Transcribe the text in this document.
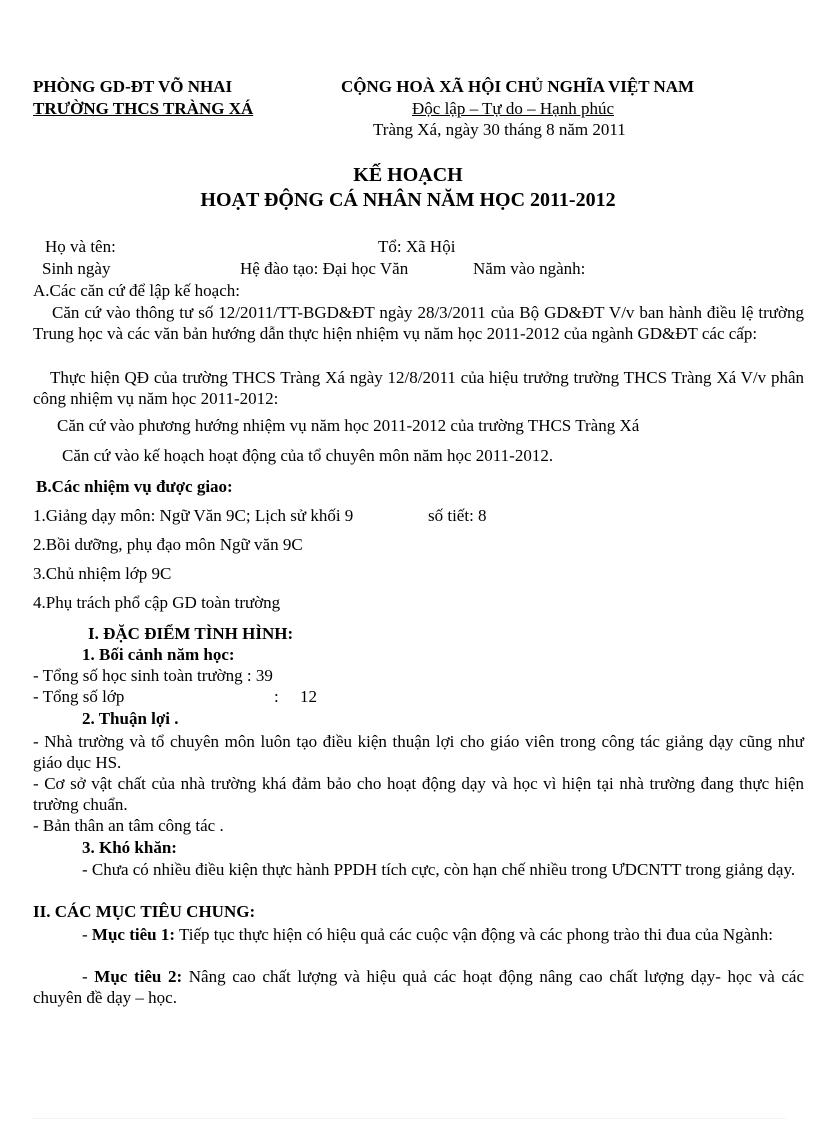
PHÒNG GD-ĐT VÕ NHAI
TRƯỜNG THCS TRÀNG XÁ
CỘNG HOÀ XÃ HỘI CHỦ NGHĨA VIỆT NAM
Độc lập – Tự do – Hạnh phúc
Tràng Xá, ngày 30 tháng 8 năm 2011
KẾ HOẠCH
HOẠT ĐỘNG CÁ NHÂN NĂM HỌC 2011-2012
Họ và tên:	Tổ: Xã Hội
Sinh ngày	Hệ đào tạo: Đại học Văn	Năm vào ngành:
A.Các căn cứ để lập kế hoạch:
Căn cứ vào thông tư số 12/2011/TT-BGD&ĐT ngày 28/3/2011 của Bộ GD&ĐT V/v ban hành điều lệ trường Trung học và các văn bản hướng dẫn thực hiện nhiệm vụ năm học 2011-2012 của ngành GD&ĐT các cấp:
Thực hiện QĐ của trường THCS Tràng Xá ngày 12/8/2011 của hiệu trưởng trường THCS Tràng Xá V/v phân công nhiệm vụ năm học 2011-2012:
Căn cứ vào phương hướng nhiệm vụ năm học 2011-2012 của trường THCS Tràng Xá
Căn cứ vào kế hoạch hoạt động của tổ chuyên môn năm học 2011-2012.
B.Các nhiệm vụ được giao:
1.Giảng dạy môn: Ngữ Văn 9C; Lịch sử khối 9	số tiết: 8
2.Bồi dưỡng, phụ đạo môn Ngữ văn 9C
3.Chủ nhiệm lớp 9C
4.Phụ trách phổ cập GD toàn trường
I. ĐẶC ĐIỂM TÌNH HÌNH:
1. Bối cảnh năm học:
- Tổng số học sinh toàn trường : 39
- Tổng số lớp	:     12
2. Thuận lợi .
- Nhà trường và tổ chuyên môn luôn tạo điều kiện thuận lợi cho giáo viên trong công tác giảng dạy cũng như giáo dục HS.
- Cơ sở vật chất của nhà trường khá đảm bảo cho hoạt động dạy và học vì hiện tại nhà trường đang thực hiện trường chuẩn.
- Bản thân an tâm công tác .
3. Khó khăn:
- Chưa có nhiều điều kiện thực hành PPDH tích cực, còn hạn chế nhiều trong ƯDCNTT trong giảng dạy.
II. CÁC MỤC TIÊU CHUNG:
- Mục tiêu 1: Tiếp tục thực hiện có hiệu quả các cuộc vận động và các phong trào thi đua của Ngành:
- Mục tiêu 2: Nâng cao chất lượng và hiệu quả các hoạt động nâng cao chất lượng dạy- học và các chuyên đề dạy – học.
